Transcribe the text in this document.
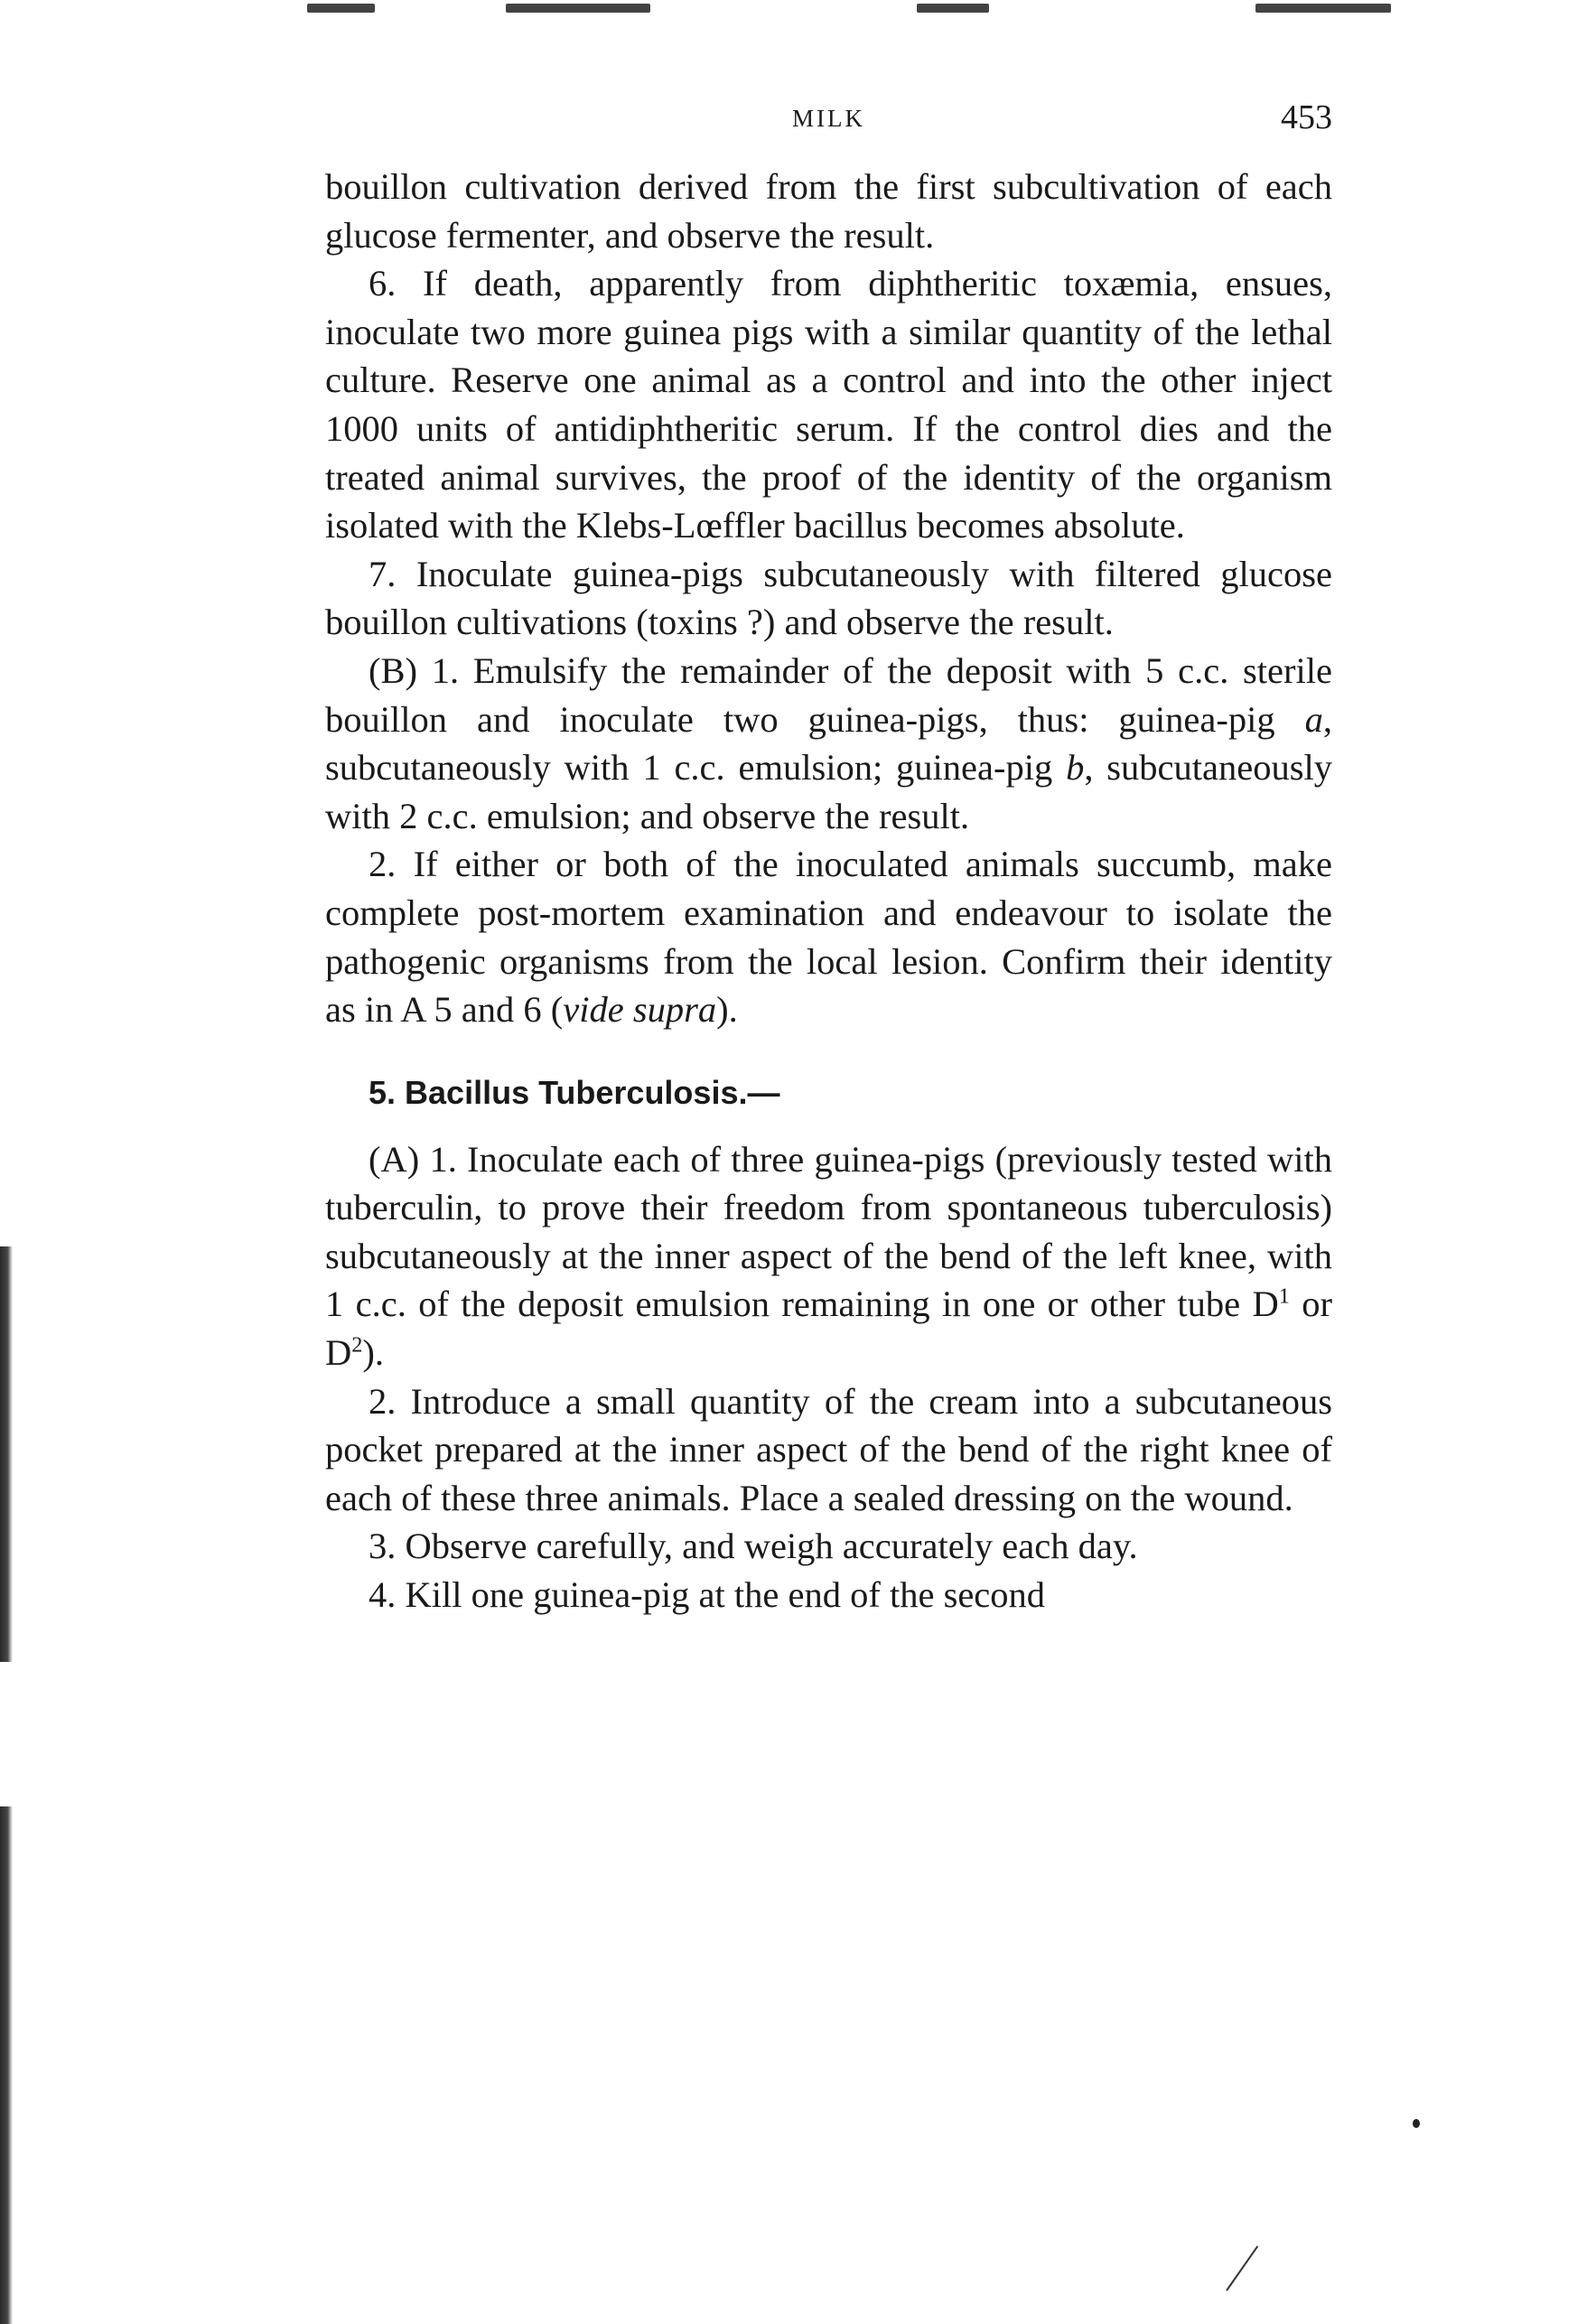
MILK	453

bouillon cultivation derived from the first subcultivation of each glucose fermenter, and observe the result.

6. If death, apparently from diphtheritic toxæmia, ensues, inoculate two more guinea pigs with a similar quantity of the lethal culture. Reserve one animal as a control and into the other inject 1000 units of antidiphtheritic serum. If the control dies and the treated animal survives, the proof of the identity of the organism isolated with the Klebs-Lœffler bacillus becomes absolute.

7. Inoculate guinea-pigs subcutaneously with filtered glucose bouillon cultivations (toxins ?) and observe the result.

(B) 1. Emulsify the remainder of the deposit with 5 c.c. sterile bouillon and inoculate two guinea-pigs, thus: guinea-pig a, subcutaneously with 1 c.c. emulsion; guinea-pig b, subcutaneously with 2 c.c. emulsion; and observe the result.

2. If either or both of the inoculated animals succumb, make complete post-mortem examination and endeavour to isolate the pathogenic organisms from the local lesion. Confirm their identity as in A 5 and 6 (vide supra).

5. Bacillus Tuberculosis.—

(A) 1. Inoculate each of three guinea-pigs (previously tested with tuberculin, to prove their freedom from spontaneous tuberculosis) subcutaneously at the inner aspect of the bend of the left knee, with 1 c.c. of the deposit emulsion remaining in one or other tube $D^1$ or $D^2$).

2. Introduce a small quantity of the cream into a subcutaneous pocket prepared at the inner aspect of the bend of the right knee of each of these three animals. Place a sealed dressing on the wound.

3. Observe carefully, and weigh accurately each day.

4. Kill one guinea-pig at the end of the second
